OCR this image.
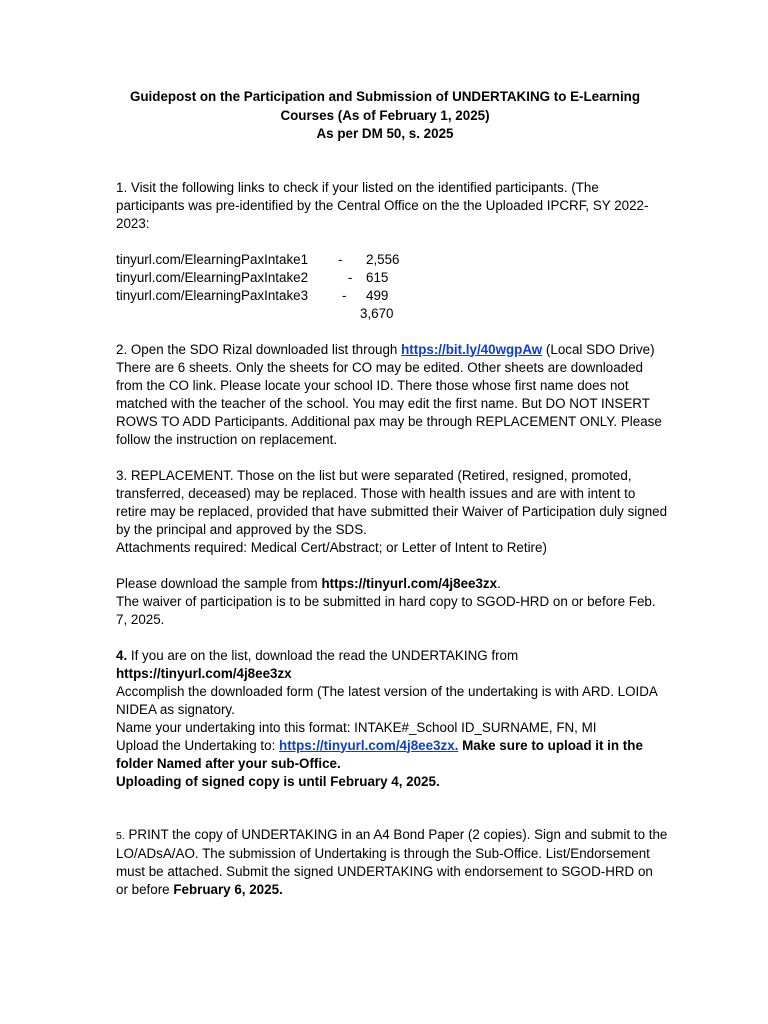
Guidepost on the Participation and Submission of UNDERTAKING to E-Learning
Courses (As of February 1, 2025)
As per DM 50, s. 2025

1. Visit the following links to check if your listed on the identified participants. (The participants was pre-identified by the Central Office on the the Uploaded IPCRF, SY 2022-2023:

tinyurl.com/ElearningPaxIntake1	-	2,556
tinyurl.com/ElearningPaxIntake2	-	615
tinyurl.com/ElearningPaxIntake3	-	499
		3,670

2. Open the SDO Rizal downloaded list through https://bit.ly/40wgpAw (Local SDO Drive)

There are 6 sheets. Only the sheets for CO may be edited. Other sheets are downloaded from the CO link. Please locate your school ID. There those whose first name does not matched with the teacher of the school. You may edit the first name. But DO NOT INSERT ROWS TO ADD Participants. Additional pax may be through REPLACEMENT ONLY. Please follow the instruction on replacement.

3. REPLACEMENT. Those on the list but were separated (Retired, resigned, promoted, transferred, deceased) may be replaced. Those with health issues and are with intent to retire may be replaced, provided that have submitted their Waiver of Participation duly signed by the principal and approved by the SDS.

Attachments required: Medical Cert/Abstract; or Letter of Intent to Retire)

Please download the sample from https://tinyurl.com/4j8ee3zx.

The waiver of participation is to be submitted in hard copy to SGOD-HRD on or before Feb. 7, 2025.

4. If you are on the list, download the read the UNDERTAKING from

https://tinyurl.com/4j8ee3zx

Accomplish the downloaded form (The latest version of the undertaking is with ARD. LOIDA NIDEA as signatory.

Name your undertaking into this format: INTAKE#_School ID_SURNAME, FN, MI

Upload the Undertaking to: https://tinyurl.com/4j8ee3zx. Make sure to upload it in the folder Named after your sub-Office.

Uploading of signed copy is until February 4, 2025.

5. PRINT the copy of UNDERTAKING in an A4 Bond Paper (2 copies). Sign and submit to the LO/ADsA/AO. The submission of Undertaking is through the Sub-Office. List/Endorsement must be attached. Submit the signed UNDERTAKING with endorsement to SGOD-HRD on or before February 6, 2025.
